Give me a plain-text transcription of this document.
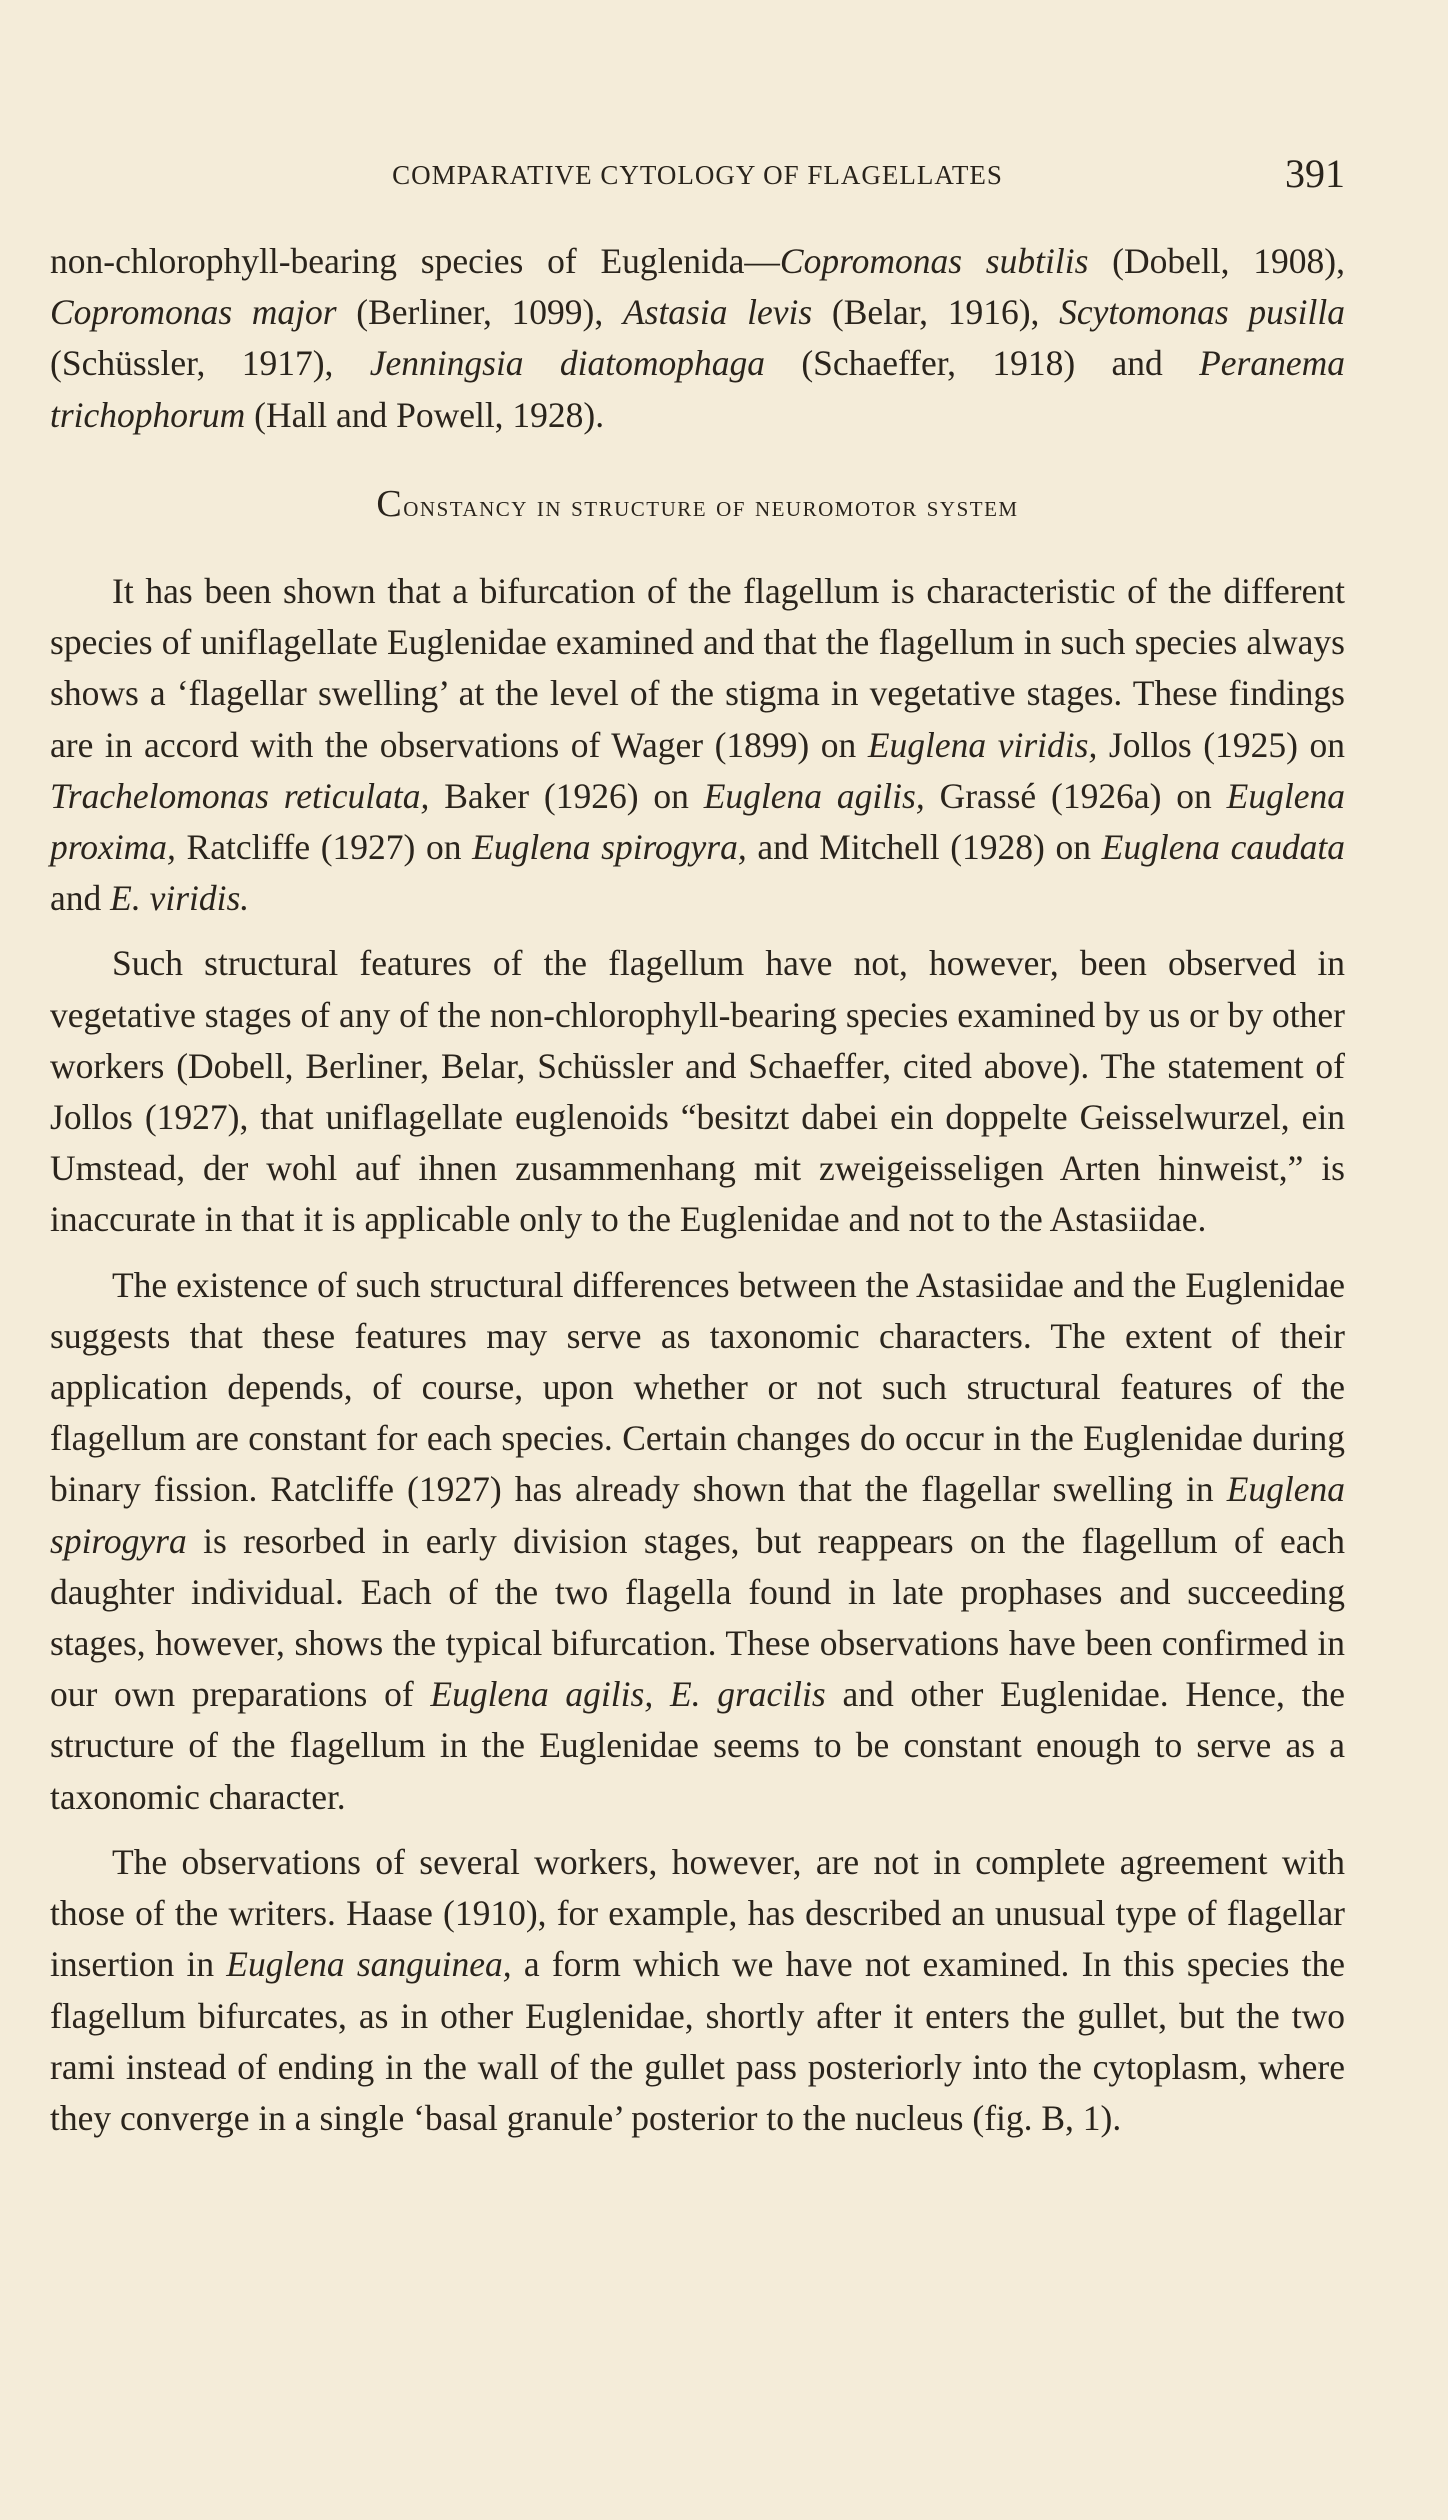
COMPARATIVE CYTOLOGY OF FLAGELLATES	391

non-chlorophyll-bearing species of Euglenida—Copromonas subtilis (Dobell, 1908), Copromonas major (Berliner, 1099), Astasia levis (Belar, 1916), Scytomonas pusilla (Schüssler, 1917), Jenningsia diatomophaga (Schaeffer, 1918) and Peranema trichophorum (Hall and Powell, 1928).

Constancy in structure of neuromotor system

It has been shown that a bifurcation of the flagellum is characteristic of the different species of uniflagellate Euglenidae examined and that the flagellum in such species always shows a ‘flagellar swelling’ at the level of the stigma in vegetative stages. These findings are in accord with the observations of Wager (1899) on Euglena viridis, Jollos (1925) on Trachelomonas reticulata, Baker (1926) on Euglena agilis, Grassé (1926a) on Euglena proxima, Ratcliffe (1927) on Euglena spirogyra, and Mitchell (1928) on Euglena caudata and E. viridis.

Such structural features of the flagellum have not, however, been observed in vegetative stages of any of the non-chlorophyll-bearing species examined by us or by other workers (Dobell, Berliner, Belar, Schüssler and Schaeffer, cited above). The statement of Jollos (1927), that uniflagellate euglenoids “besitzt dabei ein doppelte Geisselwurzel, ein Umstead, der wohl auf ihnen zusammenhang mit zweigeisseligen Arten hinweist,” is inaccurate in that it is applicable only to the Euglenidae and not to the Astasiidae.

The existence of such structural differences between the Astasiidae and the Euglenidae suggests that these features may serve as taxonomic characters. The extent of their application depends, of course, upon whether or not such structural features of the flagellum are constant for each species. Certain changes do occur in the Euglenidae during binary fission. Ratcliffe (1927) has already shown that the flagellar swelling in Euglena spirogyra is resorbed in early division stages, but reappears on the flagellum of each daughter individual. Each of the two flagella found in late prophases and succeeding stages, however, shows the typical bifurcation. These observations have been confirmed in our own preparations of Euglena agilis, E. gracilis and other Euglenidae. Hence, the structure of the flagellum in the Euglenidae seems to be constant enough to serve as a taxonomic character.

The observations of several workers, however, are not in complete agreement with those of the writers. Haase (1910), for example, has described an unusual type of flagellar insertion in Euglena sanguinea, a form which we have not examined. In this species the flagellum bifurcates, as in other Euglenidae, shortly after it enters the gullet, but the two rami instead of ending in the wall of the gullet pass posteriorly into the cytoplasm, where they converge in a single ‘basal granule’ posterior to the nucleus (fig. B, 1).
